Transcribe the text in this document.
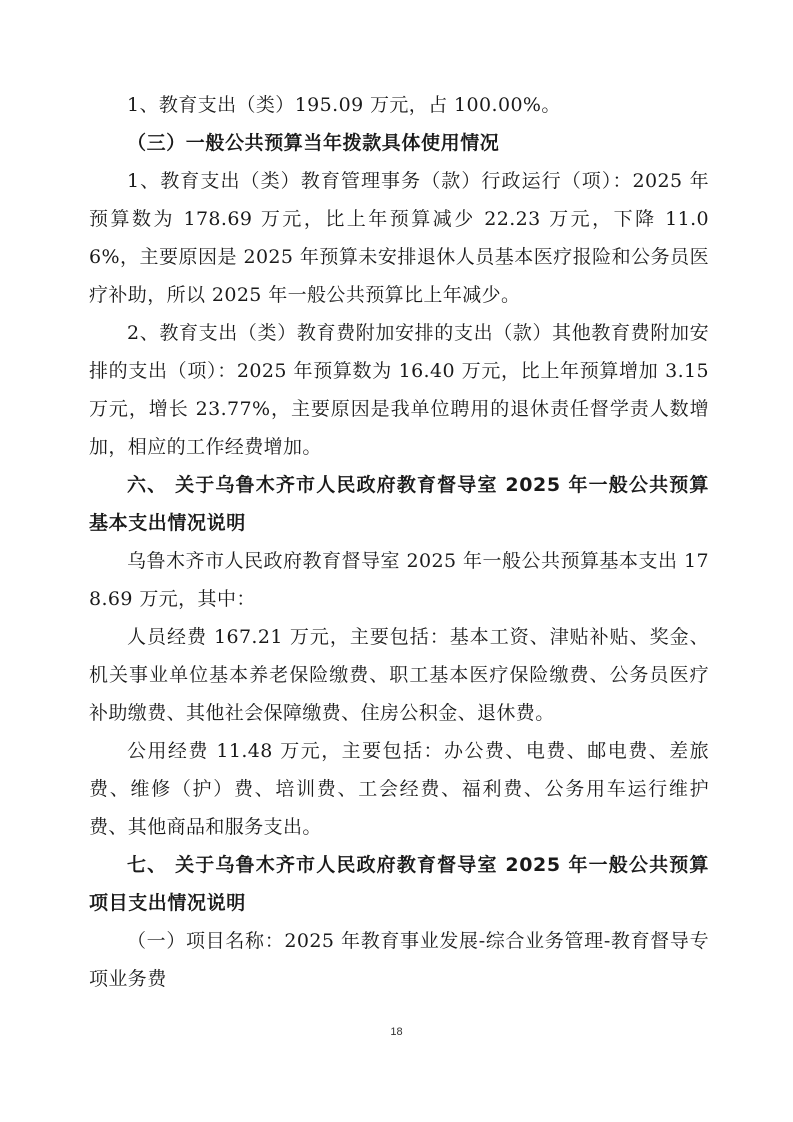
1、教育支出（类）195.09 万元，占 100.00%。

（三）一般公共预算当年拨款具体使用情况

1、教育支出（类）教育管理事务（款）行政运行（项）：2025 年预算数为 178.69 万元，比上年预算减少 22.23 万元，下降 11.06%，主要原因是 2025 年预算未安排退休人员基本医疗报险和公务员医疗补助，所以 2025 年一般公共预算比上年减少。

2、教育支出（类）教育费附加安排的支出（款）其他教育费附加安排的支出（项）：2025 年预算数为 16.40 万元，比上年预算增加 3.15 万元，增长 23.77%，主要原因是我单位聘用的退休责任督学责人数增加，相应的工作经费增加。

六、 关于乌鲁木齐市人民政府教育督导室 2025 年一般公共预算基本支出情况说明

乌鲁木齐市人民政府教育督导室 2025 年一般公共预算基本支出 178.69 万元，其中：

人员经费 167.21 万元，主要包括：基本工资、津贴补贴、奖金、机关事业单位基本养老保险缴费、职工基本医疗保险缴费、公务员医疗补助缴费、其他社会保障缴费、住房公积金、退休费。

公用经费 11.48 万元，主要包括：办公费、电费、邮电费、差旅费、维修（护）费、培训费、工会经费、福利费、公务用车运行维护费、其他商品和服务支出。

七、 关于乌鲁木齐市人民政府教育督导室 2025 年一般公共预算项目支出情况说明

（一）项目名称：2025 年教育事业发展-综合业务管理-教育督导专项业务费

18
